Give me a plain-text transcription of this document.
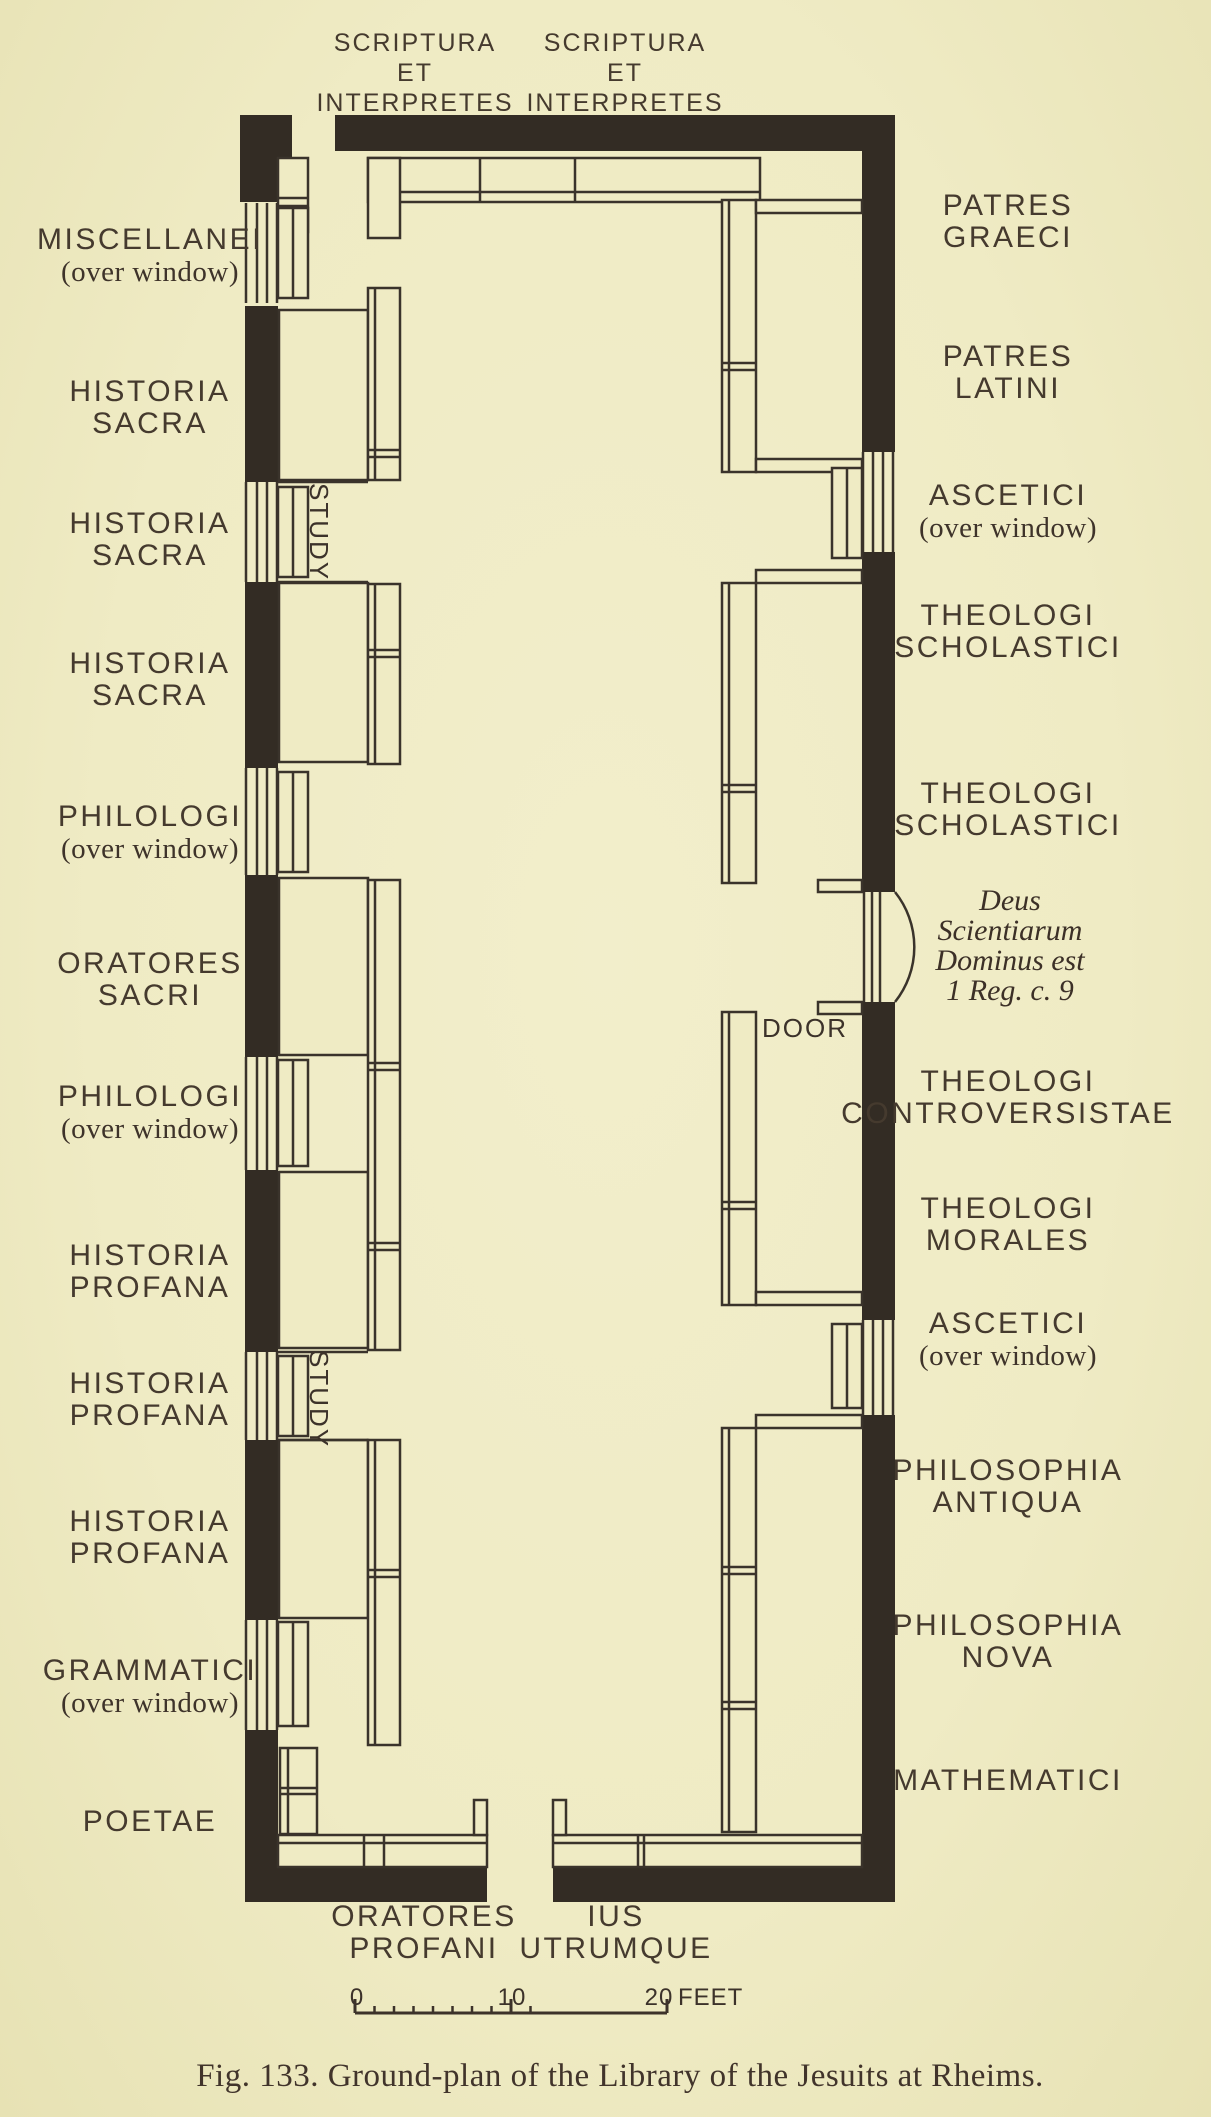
SCRIPTURA
ET
INTERPRETES
SCRIPTURA
ET
INTERPRETES
MISCELLANEI
(over window)
HISTORIA
SACRA
HISTORIA
SACRA
HISTORIA
SACRA
PHILOLOGI
(over window)
ORATORES
SACRI
PHILOLOGI
(over window)
HISTORIA
PROFANA
HISTORIA
PROFANA
HISTORIA
PROFANA
GRAMMATICI
(over window)
POETAE
PATRES
GRAECI
PATRES
LATINI
ASCETICI
(over window)
THEOLOGI
SCHOLASTICI
THEOLOGI
SCHOLASTICI
THEOLOGI
CONTROVERSISTAE
THEOLOGI
MORALES
ASCETICI
(over window)
PHILOSOPHIA
ANTIQUA
PHILOSOPHIA
NOVA
MATHEMATICI
Deus
Scientiarum
Dominus est
1 Reg. c. 9
STUDY
STUDY
DOOR
ORATORES
PROFANI
IUS
UTRUMQUE
0	10	20 FEET
Fig. 133. Ground-plan of the Library of the Jesuits at Rheims.
